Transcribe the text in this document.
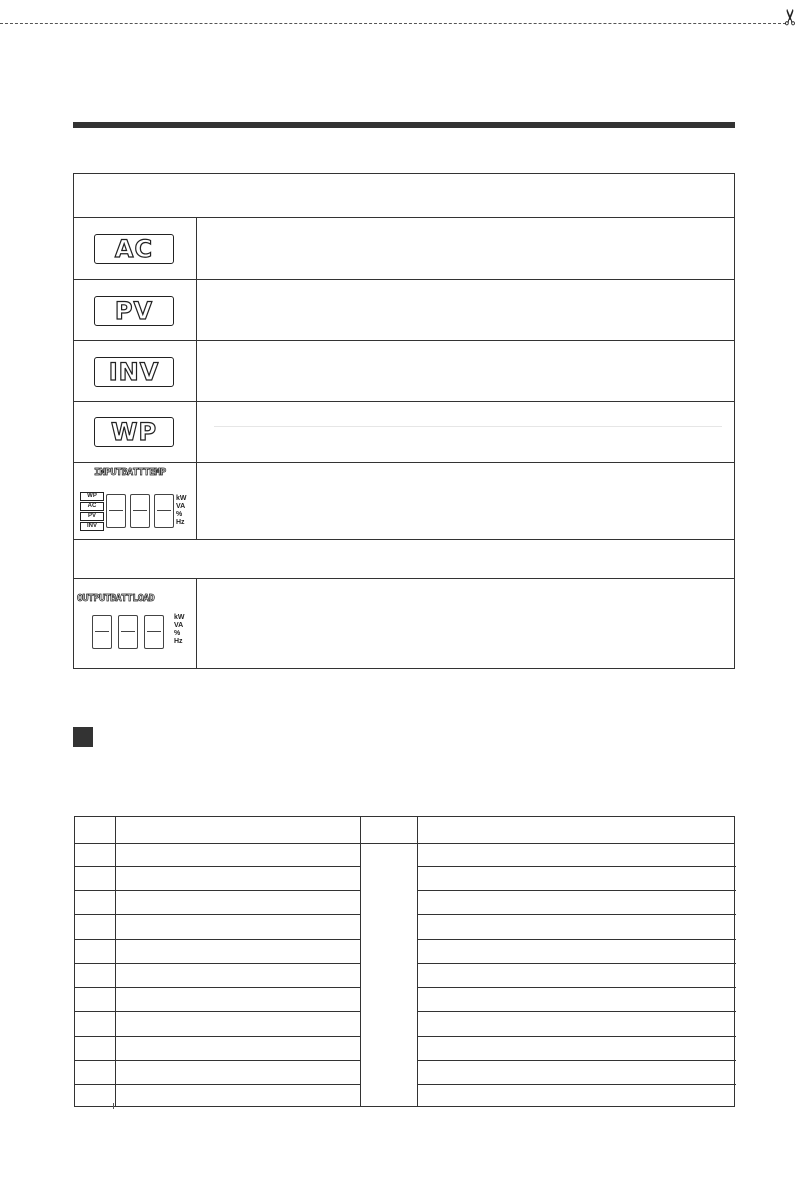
✂
AC
PV
INV
WP
INPUTBATTTEMP
WP
AC
PV
INV
kW
VA
%
Hz
OUTPUTBATTLOAD
kW
VA
%
Hz
